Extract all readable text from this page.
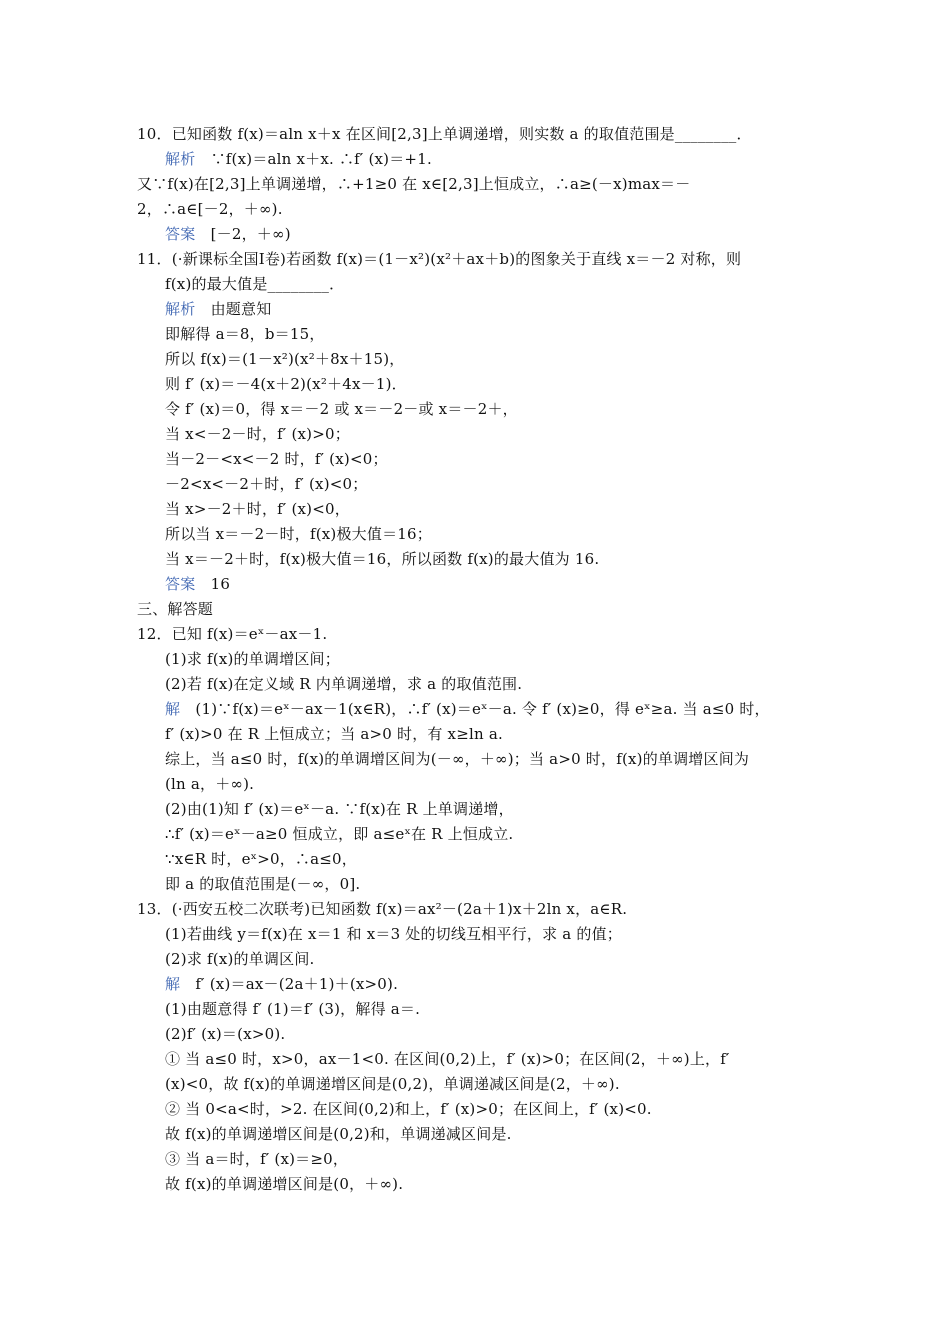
10．已知函数 f(x)＝aln x＋x 在区间[2,3]上单调递增，则实数 a 的取值范围是________．
解析　∵f(x)＝aln x＋x. ∴f′ (x)＝+1.
又∵f(x)在[2,3]上单调递增，∴+1≥0 在 x∈[2,3]上恒成立，∴a≥(－x)max＝－
2，∴a∈[－2，＋∞).
答案　[－2，＋∞)
11．(·新课标全国Ⅰ卷)若函数 f(x)＝(1－x²)(x²＋ax＋b)的图象关于直线 x＝－2 对称，则
f(x)的最大值是________．
解析　由题意知
即解得 a＝8，b＝15，
所以 f(x)＝(1－x²)(x²＋8x＋15)，
则 f′ (x)＝－4(x＋2)(x²＋4x－1)．
令 f′ (x)＝0，得 x＝－2 或 x＝－2－或 x＝－2＋，
当 x<－2－时，f′ (x)>0；
当－2－<x<－2 时，f′ (x)<0；
－2<x<－2＋时，f′ (x)<0；
当 x>－2＋时，f′ (x)<0，
所以当 x＝－2－时，f(x)极大值＝16；
当 x＝－2＋时，f(x)极大值＝16，所以函数 f(x)的最大值为 16.
答案　16
三、解答题
12．已知 f(x)＝eˣ－ax－1.
(1)求 f(x)的单调增区间；
(2)若 f(x)在定义域 R 内单调递增，求 a 的取值范围.
解　(1)∵f(x)＝eˣ－ax－1(x∈R)，∴f′ (x)＝eˣ－a. 令 f′ (x)≥0，得 eˣ≥a. 当 a≤0 时，
f′ (x)>0 在 R 上恒成立；当 a>0 时，有 x≥ln a.
综上，当 a≤0 时，f(x)的单调增区间为(－∞，＋∞)；当 a>0 时，f(x)的单调增区间为
(ln a，＋∞).
(2)由(1)知 f′ (x)＝eˣ－a. ∵f(x)在 R 上单调递增，
∴f′ (x)＝eˣ－a≥0 恒成立，即 a≤eˣ在 R 上恒成立.
∵x∈R 时，eˣ>0，∴a≤0，
即 a 的取值范围是(－∞，0].
13．(·西安五校二次联考)已知函数 f(x)＝ax²－(2a＋1)x＋2ln x，a∈R.
(1)若曲线 y＝f(x)在 x＝1 和 x＝3 处的切线互相平行，求 a 的值；
(2)求 f(x)的单调区间.
解　f′ (x)＝ax－(2a＋1)＋(x>0).
(1)由题意得 f′ (1)＝f′ (3)，解得 a＝.
(2)f′ (x)＝(x>0).
① 当 a≤0 时，x>0，ax－1<0. 在区间(0,2)上，f′ (x)>0；在区间(2，＋∞)上，f′
(x)<0，故 f(x)的单调递增区间是(0,2)，单调递减区间是(2，＋∞).
② 当 0<a<时，>2. 在区间(0,2)和上，f′ (x)>0；在区间上，f′ (x)<0.
故 f(x)的单调递增区间是(0,2)和，单调递减区间是.
③ 当 a＝时，f′ (x)＝≥0，
故 f(x)的单调递增区间是(0，＋∞).
